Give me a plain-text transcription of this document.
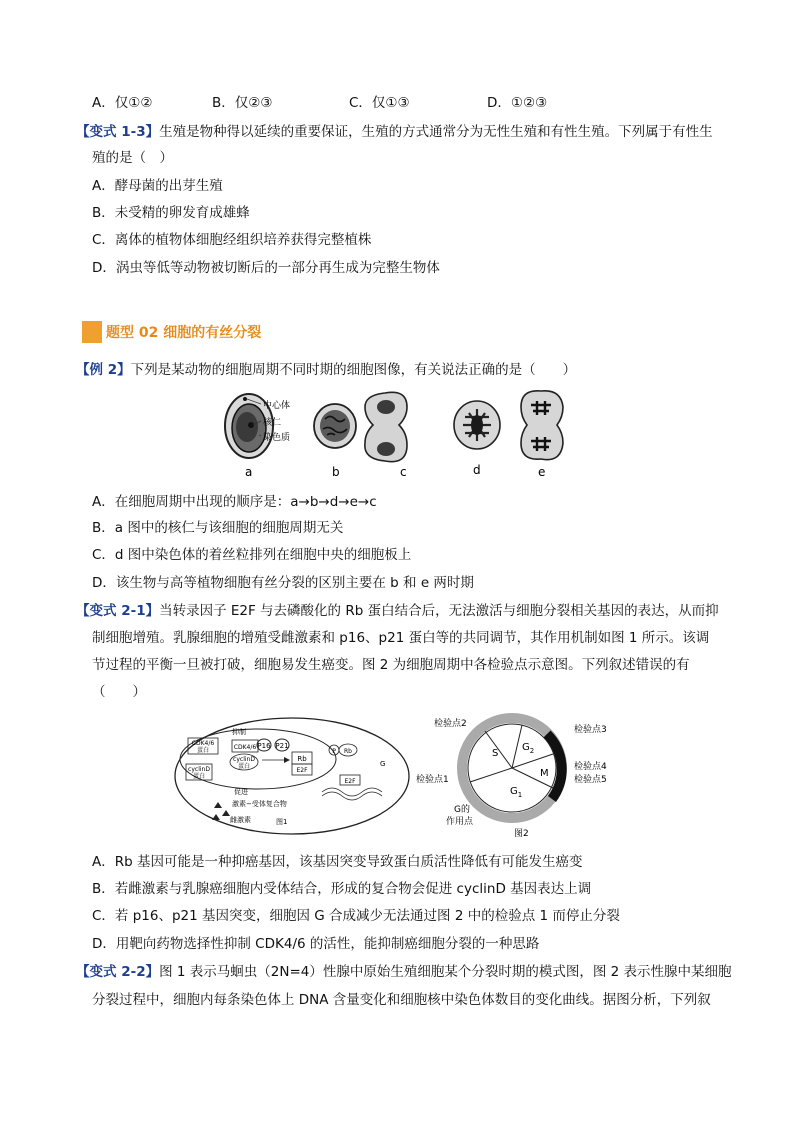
A．仅①②	B．仅②③	C．仅①③	D．①②③
【变式 1-3】生殖是物种得以延续的重要保证，生殖的方式通常分为无性生殖和有性生殖。下列属于有性生
殖的是（　）
A．酵母菌的出芽生殖
B．未受精的卵发育成雄蜂
C．离体的植物体细胞经组织培养获得完整植株
D．涡虫等低等动物被切断后的一部分再生成为完整生物体
题型 02 细胞的有丝分裂
【例 2】下列是某动物的细胞周期不同时期的细胞图像，有关说法正确的是（　　）
中心体
核仁
染色质
a	b	c	d	e
A．在细胞周期中出现的顺序是：a→b→d→e→c
B．a 图中的核仁与该细胞的细胞周期无关
C．d 图中染色体的着丝粒排列在细胞中央的细胞板上
D．该生物与高等植物细胞有丝分裂的区别主要在 b 和 e 两时期
【变式 2-1】当转录因子 E2F 与去磷酸化的 Rb 蛋白结合后，无法激活与细胞分裂相关基因的表达，从而抑
制细胞增殖。乳腺细胞的增殖受雌激素和 p16、p21 蛋白等的共同调节，其作用机制如图 1 所示。该调
节过程的平衡一旦被打破，细胞易发生癌变。图 2 为细胞周期中各检验点示意图。下列叙述错误的有
（　　）
P16 P21
抑制
CDK4/6
蛋白	CDK4/6
cyclinD
蛋白
cyclinD
蛋白
Rb
P Rb
E2F
E2F
G
促进
激素−受体复合物
雌激素	图1
S
$G_2$
M
$G_1$
检验点2
检验点3
检验点4
检验点5
检验点1
G的
作用点
图2
A．Rb 基因可能是一种抑癌基因，该基因突变导致蛋白质活性降低有可能发生癌变
B．若雌激素与乳腺癌细胞内受体结合，形成的复合物会促进 cyclinD 基因表达上调
C．若 p16、p21 基因突变，细胞因 G 合成减少无法通过图 2 中的检验点 1 而停止分裂
D．用靶向药物选择性抑制 CDK4/6 的活性，能抑制癌细胞分裂的一种思路
【变式 2-2】图 1 表示马蛔虫（2N=4）性腺中原始生殖细胞某个分裂时期的模式图，图 2 表示性腺中某细胞
分裂过程中，细胞内每条染色体上 DNA 含量变化和细胞核中染色体数目的变化曲线。据图分析，下列叙
